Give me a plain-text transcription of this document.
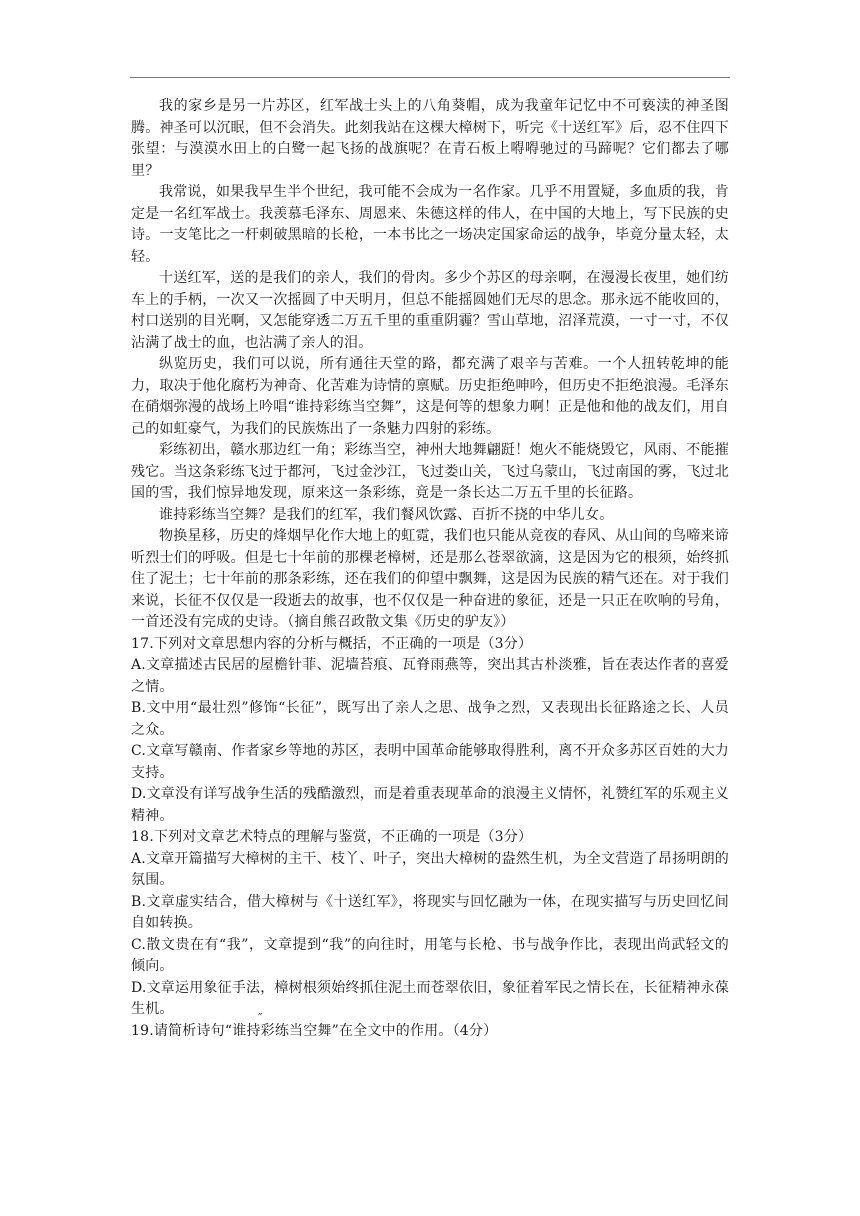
我的家乡是另一片苏区，红军战士头上的八角葵帽，成为我童年记忆中不可亵渎的神圣图腾。神圣可以沉眠，但不会消失。此刻我站在这棵大樟树下，听完《十送红军》后，忍不住四下张望：与漠漠水田上的白鹭一起飞扬的战旗呢？在青石板上嘚嘚驰过的马蹄呢？它们都去了哪里？

我常说，如果我早生半个世纪，我可能不会成为一名作家。几乎不用置疑，多血质的我，肯定是一名红军战士。我羡慕毛泽东、周恩来、朱德这样的伟人，在中国的大地上，写下民族的史诗。一支笔比之一杆刺破黑暗的长枪，一本书比之一场决定国家命运的战争，毕竟分量太轻，太轻。

十送红军，送的是我们的亲人，我们的骨肉。多少个苏区的母亲啊，在漫漫长夜里，她们纺车上的手柄，一次又一次摇圆了中天明月，但总不能摇圆她们无尽的思念。那永远不能收回的，村口送别的目光啊，又怎能穿透二万五千里的重重阴霾？雪山草地，沼泽荒漠，一寸一寸，不仅沾满了战士的血，也沾满了亲人的泪。

纵览历史，我们可以说，所有通往天堂的路，都充满了艰辛与苦难。一个人扭转乾坤的能力，取决于他化腐朽为神奇、化苦难为诗情的禀赋。历史拒绝呻吟，但历史不拒绝浪漫。毛泽东在硝烟弥漫的战场上吟唱“谁持彩练当空舞”，这是何等的想象力啊！正是他和他的战友们，用自己的如虹豪气，为我们的民族炼出了一条魅力四射的彩练。

彩练初出，赣水那边红一角；彩练当空，神州大地舞翩跹！炮火不能烧毁它，风雨、不能摧残它。当这条彩练飞过于都河，飞过金沙江，飞过娄山关，飞过乌蒙山，飞过南国的雾，飞过北国的雪，我们惊异地发现，原来这一条彩练，竟是一条长达二万五千里的长征路。

谁持彩练当空舞？是我们的红军，我们餐风饮露、百折不挠的中华儿女。

物换星移，历史的烽烟早化作大地上的虹霓，我们也只能从竞夜的春风、从山间的鸟啼来谛听烈士们的呼吸。但是七十年前的那棵老樟树，还是那么苍翠欲滴，这是因为它的根须，始终抓住了泥土；七十年前的那条彩练，还在我们的仰望中飘舞，这是因为民族的精气还在。对于我们来说，长征不仅仅是一段逝去的故事，也不仅仅是一种奋进的象征，还是一只正在吹响的号角，一首还没有完成的史诗。（摘自熊召政散文集《历史的驴友》）

17.下列对文章思想内容的分析与概括，不正确的一项是（3分）

A.文章描述古民居的屋檐针菲、泥墙苔痕、瓦脊雨燕等，突出其古朴淡雅，旨在表达作者的喜爱之情。

B.文中用“最壮烈”修饰“长征”，既写出了亲人之思、战争之烈，又表现出长征路途之长、人员之众。

C.文章写赣南、作者家乡等地的苏区，表明中国革命能够取得胜利，离不开众多苏区百姓的大力支持。

D.文章没有详写战争生活的残酷激烈，而是着重表现革命的浪漫主义情怀，礼赞红军的乐观主义精神。

18.下列对文章艺术特点的理解与鉴赏，不正确的一项是（3分）

A.文章开篇描写大樟树的主干、枝丫、叶子，突出大樟树的盎然生机，为全文营造了昂扬明朗的氛围。

B.文章虚实结合，借大樟树与《十送红军》，将现实与回忆融为一体，在现实描写与历史回忆间自如转换。

C.散文贵在有“我”，文章提到“我”的向往时，用笔与长枪、书与战争作比，表现出尚武轻文的倾向。

D.文章运用象征手法，樟树根须始终抓住泥土而苍翠依旧，象征着军民之情长在，长征精神永葆生机。

19.请简析诗句“谁持彩练当空舞”在全文中的作用。（4分）

″
